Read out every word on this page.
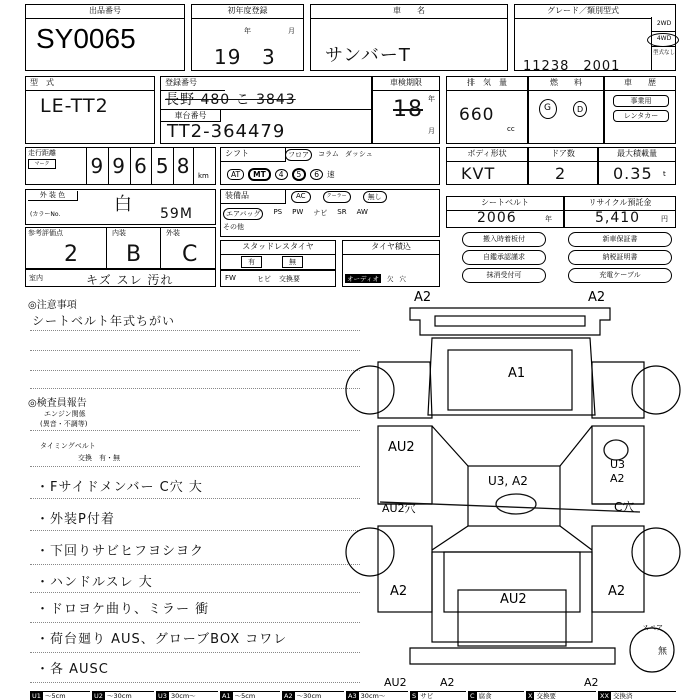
出品番号
SY0065
初年度登録
19
年
3
月
車　　名
サンバーT
グレード／類別型式
11238　2001
2WD
4WD
型式なし
型　式
LE-TT2
登録番号
長野 480 こ 3843
車台番号
TT2-364479
車検期限
18 年
月
排　気　量
660
cc
燃　　料
G	D
車　　歴
事業用
レンタカー
走行距離
マーク 9 9 6 5 8	km
シフト	フロア	コラム ダッシュ
AT	MT	4	5	6	速
ボディ形状
KVT
ドア数
2
最大積載量
0.35 t
外 装 色
(カラーNo.	白 59M
装備品	AC	クーラー	無し
エアバッグ	PS PW ナビ SR AW
その他
シートベルト
2006	年
リサイクル預託金
5,410	円
参考評価点	内装	外装
2 B C
室内	キズ スレ 汚れ
スタッドレスタイヤ
有	無
FW	ヒビ 交換要
タイヤ積込
オーディオ	欠 穴
搬入時着板付	新車保証書
自鑑承認謹求	納税証明書
抹消受付可	充電ケーブル
◎注意事項
シートベルト年式ちがい
◎検査員報告
エンジン関係
(異音・不調等)
タイミングベルト
交換　有・無
・Fサイドメンバー C穴 大
・外装P付着
・下回りサビヒフヨシヨク
・ハンドルスレ 大
・ドロヨケ曲り、ミラー 衝
・荷台廻り AUS、グローブBOX コワレ
・各 AUSC
A2	A2
A1
AU2
U3, A2
AU2穴
U3
A2
C穴
A2	A2
AU2
AU2	A2	A2
スペア
無
U1 ～5cm	U2 ～30cm	U3 30cm～	A1 ～5cm	A2 ～30cm	A3 30cm～	S サビ	C 腐食	X 交換要	XX 交換済
